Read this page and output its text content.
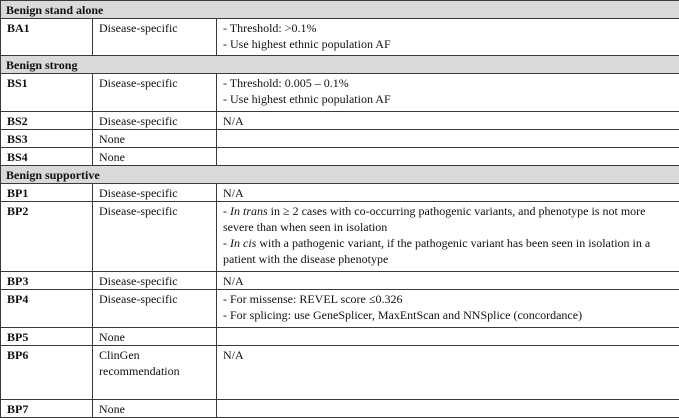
Benign stand alone		
BA1	Disease-specific	- Threshold: >0.1%
- Use highest ethnic population AF

Benign strong		
BS1	Disease-specific	- Threshold: 0.005 – 0.1%
- Use highest ethnic population AF

BS2	Disease-specific	N/A
BS3	None	
BS4	None	
Benign supportive		
BP1	Disease-specific	N/A
BP2	Disease-specific	- In trans in ≥ 2 cases with co-occurring pathogenic variants, and phenotype is not more severe than when seen in isolation
- In cis with a pathogenic variant, if the pathogenic variant has been seen in isolation in a patient with the disease phenotype

BP3	Disease-specific	N/A
BP4	Disease-specific	- For missense: REVEL score ≤0.326
- For splicing: use GeneSplicer, MaxEntScan and NNSplice (concordance)

BP5	None	
BP6	ClinGen recommendation	N/A
BP7	None	
